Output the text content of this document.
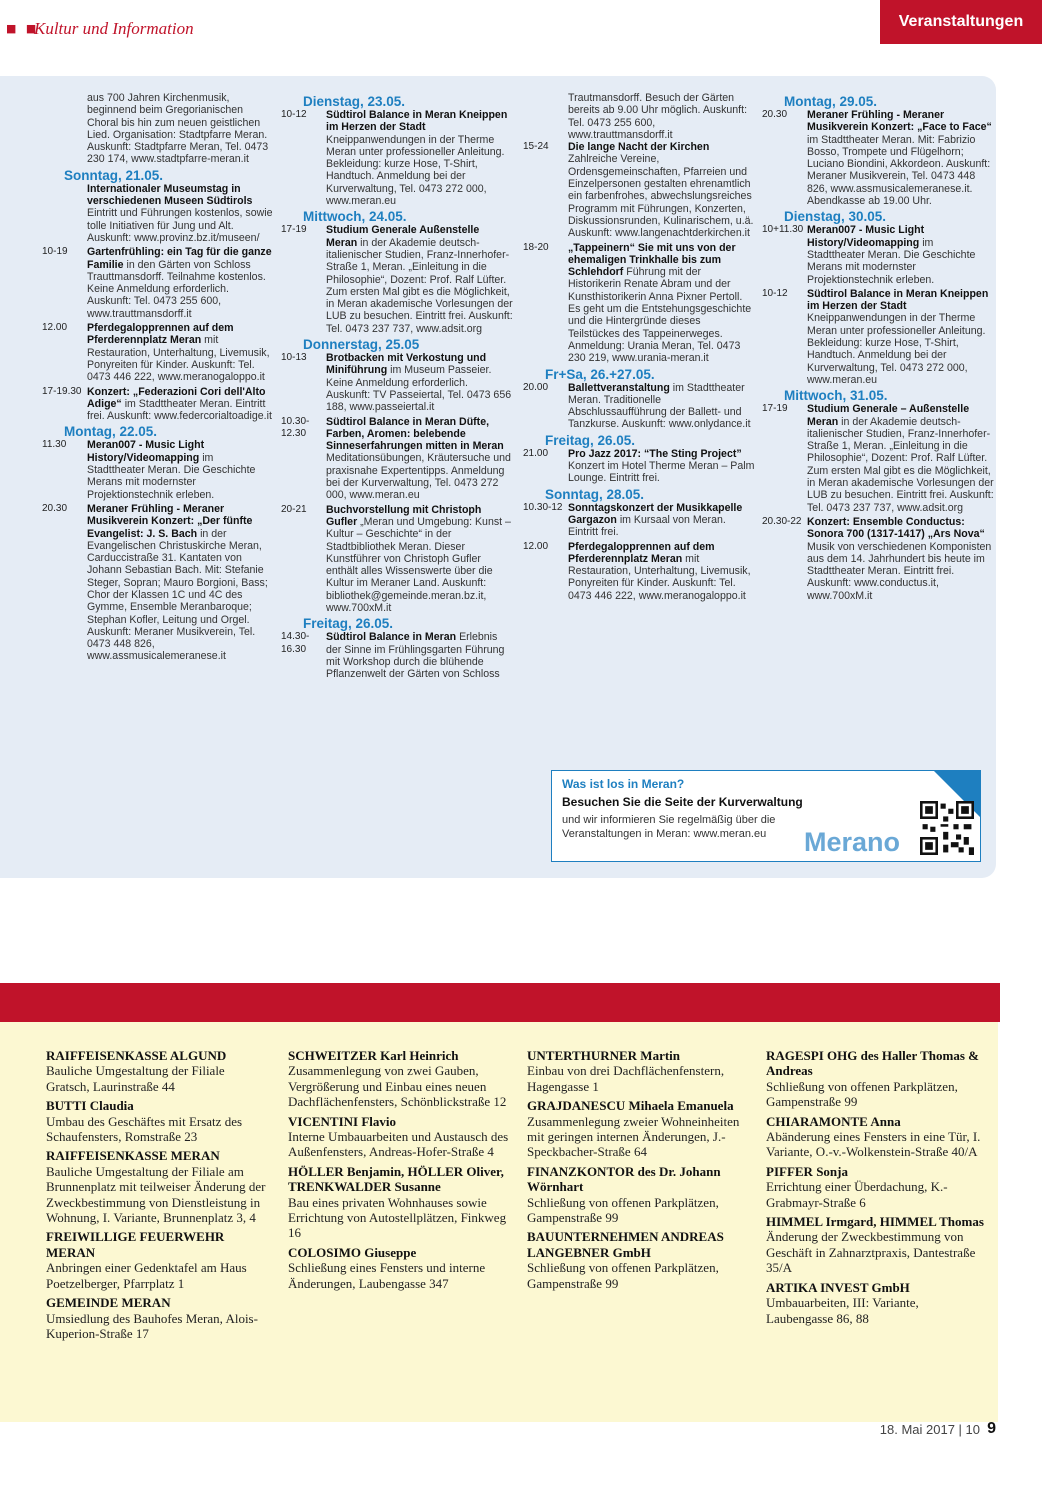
■ ■
Kultur und Information	Veranstaltungen
aus 700 Jahren Kirchenmusik, beginnend beim Gregorianischen Choral bis hin zum neuen geistlichen Lied. Organisation: Stadtpfarre Meran. Auskunft: Stadtpfarre Meran, Tel. 0473 230 174, www.stadtpfarre-meran.it
Sonntag, 21.05.
Internationaler Museumstag in verschiedenen Museen Südtirols Eintritt und Führungen kostenlos, sowie tolle Initiativen für Jung und Alt. Auskunft: www.provinz.bz.it/museen/
10-19	Gartenfrühling: ein Tag für die ganze Familie in den Gärten von Schloss Trauttmansdorff. Teilnahme kostenlos. Keine Anmeldung erforderlich. Auskunft: Tel. 0473 255 600, www.trauttmansdorff.it
12.00	Pferdegalopprennen auf dem Pferderennplatz Meran mit Restauration, Unterhaltung, Livemusik, Ponyreiten für Kinder. Auskunft: Tel. 0473 446 222, www.meranogaloppo.it
17-19.30 Konzert: „Federazioni Cori dell'Alto Adige“ im Stadttheater Meran. Eintritt frei. Auskunft: www.federcorialtoadige.it
Montag, 22.05.
11.30	Meran007 - Music Light History/Videomapping im Stadttheater Meran. Die Geschichte Merans mit modernster Projektionstechnik erleben.
20.30	Meraner Frühling - Meraner Musikverein Konzert: „Der fünfte Evangelist: J. S. Bach in der Evangelischen Christuskirche Meran, Carduccistraße 31. Kantaten von Johann Sebastian Bach. Mit: Stefanie Steger, Sopran; Mauro Borgioni, Bass; Chor der Klassen 1C und 4C des Gymme, Ensemble Meranbaroque; Stephan Kofler, Leitung und Orgel. Auskunft: Meraner Musikverein, Tel. 0473 448 826, www.assmusicalemeranese.it
Dienstag, 23.05.
10-12	Südtirol Balance in Meran Kneippen im Herzen der Stadt Kneippanwendungen in der Therme Meran unter professioneller Anleitung. Bekleidung: kurze Hose, T-Shirt, Handtuch. Anmeldung bei der Kurverwaltung, Tel. 0473 272 000, www.meran.eu
Mittwoch, 24.05.
17-19	Studium Generale Außenstelle Meran in der Akademie deutsch-italienischer Studien, Franz-Innerhofer-Straße 1, Meran. „Einleitung in die Philosophie“, Dozent: Prof. Ralf Lüfter. Zum ersten Mal gibt es die Möglichkeit, in Meran akademische Vorlesungen der LUB zu besuchen. Eintritt frei. Auskunft: Tel. 0473 237 737, www.adsit.org
Donnerstag, 25.05
10-13	Brotbacken mit Verkostung und Miniführung im Museum Passeier. Keine Anmeldung erforderlich. Auskunft: TV Passeiertal, Tel. 0473 656 188, www.passeiertal.it
10.30-12.30
Südtirol Balance in Meran Düfte, Farben, Aromen: belebende Sinneserfahrungen mitten in Meran Meditationsübungen, Kräutersuche und praxisnahe Expertentipps. Anmeldung bei der Kurverwaltung, Tel. 0473 272 000, www.meran.eu
20-21	Buchvorstellung mit Christoph Gufler „Meran und Umgebung: Kunst – Kultur – Geschichte“ in der Stadtbibliothek Meran. Dieser Kunstführer von Christoph Gufler enthält alles Wissenswerte über die Kultur im Meraner Land. Auskunft: bibliothek@gemeinde.meran.bz.it, www.700xM.it
Freitag, 26.05.
14.30-16.30
Südtirol Balance in Meran Erlebnis der Sinne im Frühlingsgarten Führung mit Workshop durch die blühende Pflanzenwelt der Gärten von Schloss
Trautmansdorff. Besuch der Gärten bereits ab 9.00 Uhr möglich. Auskunft: Tel. 0473 255 600, www.trauttmansdorff.it
15-24	Die lange Nacht der Kirchen Zahlreiche Vereine, Ordensgemeinschaften, Pfarreien und Einzelpersonen gestalten ehrenamtlich ein farbenfrohes, abwechslungsreiches Programm mit Führungen, Konzerten, Diskussionsrunden, Kulinarischem, u.ä. Auskunft: www.langenachtderkirchen.it
18-20	„Tappeinern“ Sie mit uns von der ehemaligen Trinkhalle bis zum Schlehdorf Führung mit der Historikerin Renate Abram und der Kunsthistorikerin Anna Pixner Pertoll. Es geht um die Entstehungsgeschichte und die Hintergründe dieses Teilstückes des Tappeinerweges. Anmeldung: Urania Meran, Tel. 0473 230 219, www.urania-meran.it
Fr+Sa, 26.+27.05.
20.00	Ballettveranstaltung im Stadttheater Meran. Traditionelle Abschlussaufführung der Ballett- und Tanzkurse. Auskunft: www.onlydance.it
Freitag, 26.05.
21.00	Pro Jazz 2017: “The Sting Project” Konzert im Hotel Therme Meran – Palm Lounge. Eintritt frei.
Sonntag, 28.05.
10.30-12 Sonntagskonzert der Musikkapelle Gargazon im Kursaal von Meran. Eintritt frei.
12.00	Pferdegalopprennen auf dem Pferderennplatz Meran mit Restauration, Unterhaltung, Livemusik, Ponyreiten für Kinder. Auskunft: Tel. 0473 446 222, www.meranogaloppo.it
Montag, 29.05.
20.30	Meraner Frühling - Meraner Musikverein Konzert: „Face to Face“ im Stadttheater Meran. Mit: Fabrizio Bosso, Trompete und Flügelhorn; Luciano Biondini, Akkordeon. Auskunft: Meraner Musikverein, Tel. 0473 448 826, www.assmusicalemeranese.it. Abendkasse ab 19.00 Uhr.
Dienstag, 30.05.
10+11.30 Meran007 - Music Light History/Videomapping im Stadttheater Meran. Die Geschichte Merans mit modernster Projektionstechnik erleben.
10-12	Südtirol Balance in Meran Kneippen im Herzen der Stadt Kneippanwendungen in der Therme Meran unter professioneller Anleitung. Bekleidung: kurze Hose, T-Shirt, Handtuch. Anmeldung bei der Kurverwaltung, Tel. 0473 272 000, www.meran.eu
Mittwoch, 31.05.
17-19	Studium Generale – Außenstelle Meran in der Akademie deutsch-italienischer Studien, Franz-Innerhofer-Straße 1, Meran. „Einleitung in die Philosophie“, Dozent: Prof. Ralf Lüfter. Zum ersten Mal gibt es die Möglichkeit, in Meran akademische Vorlesungen der LUB zu besuchen. Eintritt frei. Auskunft: Tel. 0473 237 737, www.adsit.org
20.30-22 Konzert: Ensemble Conductus: Sonora 700 (1317-1417) „Ars Nova“ Musik von verschiedenen Komponisten aus dem 14. Jahrhundert bis heute im Stadttheater Meran. Eintritt frei. Auskunft: www.conductus.it, www.700xM.it
Was ist los in Meran?
Besuchen Sie die Seite der Kurverwaltung
und wir informieren Sie regelmäßig über die Veranstaltungen in Meran: www.meran.eu	Merano
RAIFFEISENKASSE ALGUND
Bauliche Umgestaltung der Filiale Gratsch, Laurinstraße 44
BUTTI Claudia
Umbau des Geschäftes mit Ersatz des Schaufensters, Romstraße 23
RAIFFEISENKASSE MERAN
Bauliche Umgestaltung der Filiale am Brunnenplatz mit teilweiser Änderung der Zweckbestimmung von Dienstleistung in Wohnung, I. Variante, Brunnenplatz 3, 4
FREIWILLIGE FEUERWEHR MERAN
Anbringen einer Gedenktafel am Haus Poetzelberger, Pfarrplatz 1
GEMEINDE MERAN
Umsiedlung des Bauhofes Meran, Alois-Kuperion-Straße 17
SCHWEITZER Karl Heinrich
Zusammenlegung von zwei Gauben, Vergrößerung und Einbau eines neuen Dachflächenfensters, Schönblickstraße 12
VICENTINI Flavio
Interne Umbauarbeiten und Austausch des Außenfensters, Andreas-Hofer-Straße 4
HÖLLER Benjamin, HÖLLER Oliver, TRENKWALDER Susanne
Bau eines privaten Wohnhauses sowie Errichtung von Autostellplätzen, Finkweg 16
COLOSIMO Giuseppe
Schließung eines Fensters und interne Änderungen, Laubengasse 347
UNTERTHURNER Martin
Einbau von drei Dachflächenfenstern, Hagengasse 1
GRAJDANESCU Mihaela Emanuela
Zusammenlegung zweier Wohneinheiten mit geringen internen Änderungen, J.-Speckbacher-Straße 64
FINANZKONTOR des Dr. Johann Wörnhart
Schließung von offenen Parkplätzen, Gampenstraße 99
BAUUNTERNEHMEN ANDREAS LANGEBNER GmbH
Schließung von offenen Parkplätzen, Gampenstraße 99
RAGESPI OHG des Haller Thomas & Andreas
Schließung von offenen Parkplätzen, Gampenstraße 99
CHIARAMONTE Anna
Abänderung eines Fensters in eine Tür, I. Variante, O.-v.-Wolkenstein-Straße 40/A
PIFFER Sonja
Errichtung einer Überdachung, K.-Grabmayr-Straße 6
HIMMEL Irmgard, HIMMEL Thomas
Änderung der Zweckbestimmung von Geschäft in Zahnarztpraxis, Dantestraße 35/A
ARTIKA INVEST GmbH
Umbauarbeiten, III: Variante, Laubengasse 86, 88
18. Mai 2017 | 10 9
